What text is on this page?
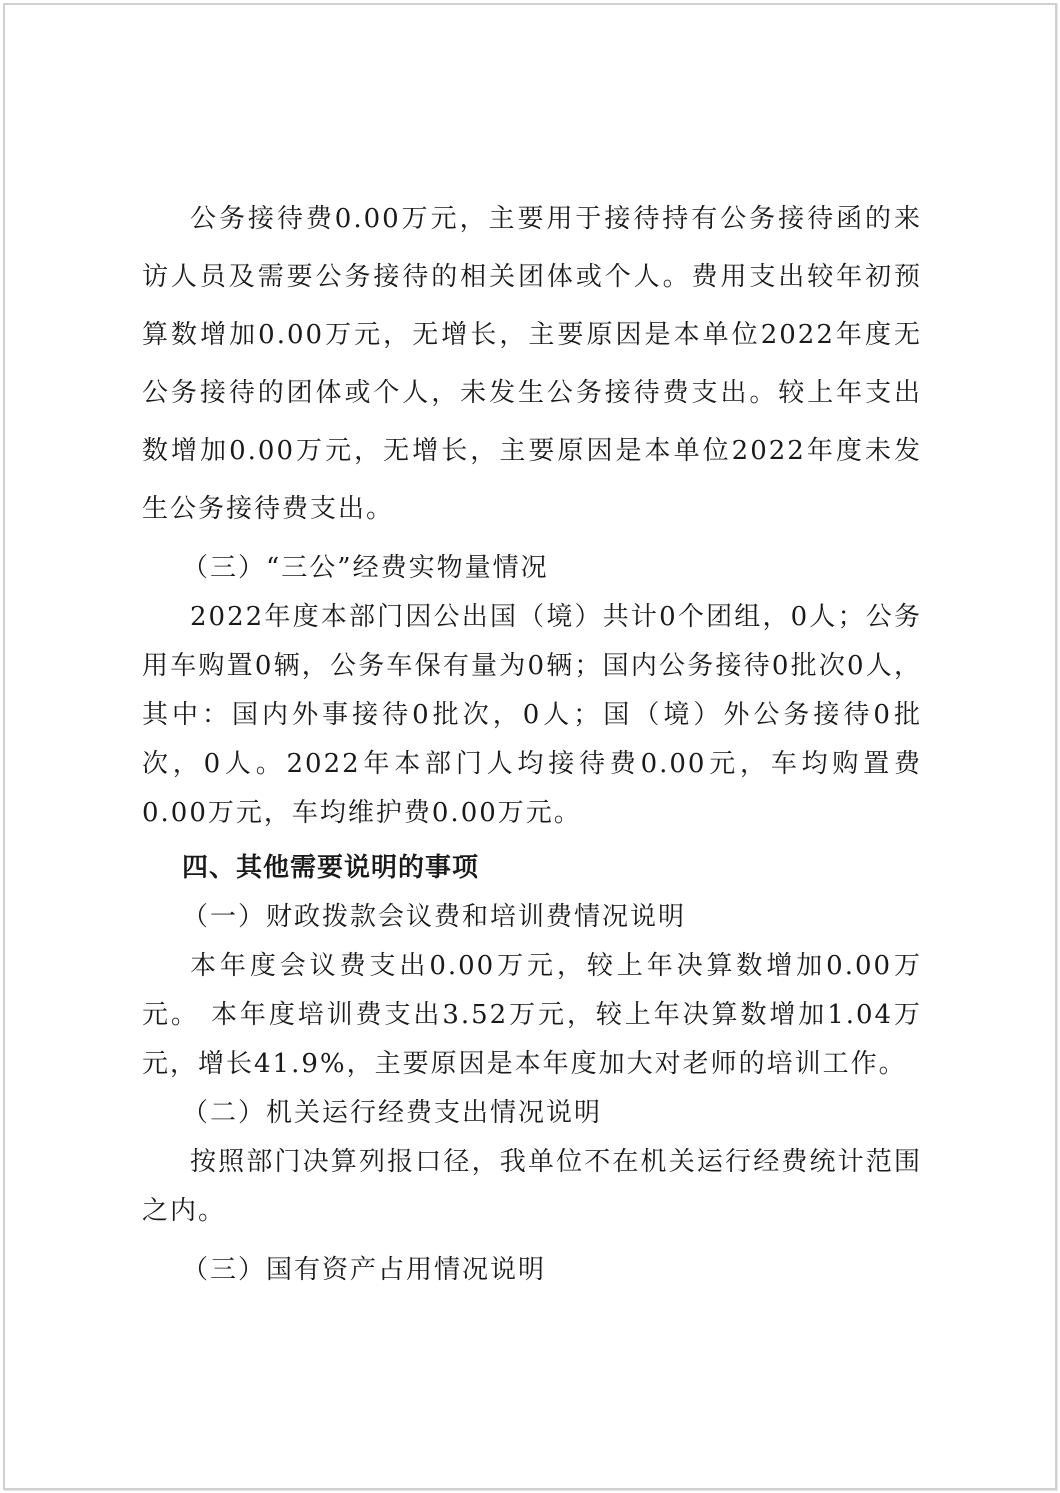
公务接待费0.00万元，主要用于接待持有公务接待函的来访人员及需要公务接待的相关团体或个人。费用支出较年初预算数增加0.00万元，无增长，主要原因是本单位2022年度无公务接待的团体或个人，未发生公务接待费支出。较上年支出数增加0.00万元，无增长，主要原因是本单位2022年度未发生公务接待费支出。

（三）“三公”经费实物量情况

2022年度本部门因公出国（境）共计0个团组，0人；公务用车购置0辆，公务车保有量为0辆；国内公务接待0批次0人，其中：国内外事接待0批次，0人；国（境）外公务接待0批次，0人。2022年本部门人均接待费0.00元，车均购置费0.00万元，车均维护费0.00万元。

四、其他需要说明的事项

（一）财政拨款会议费和培训费情况说明

本年度会议费支出0.00万元，较上年决算数增加0.00万元。 本年度培训费支出3.52万元，较上年决算数增加1.04万元，增长41.9%，主要原因是本年度加大对老师的培训工作。

（二）机关运行经费支出情况说明

按照部门决算列报口径，我单位不在机关运行经费统计范围之内。

（三）国有资产占用情况说明
